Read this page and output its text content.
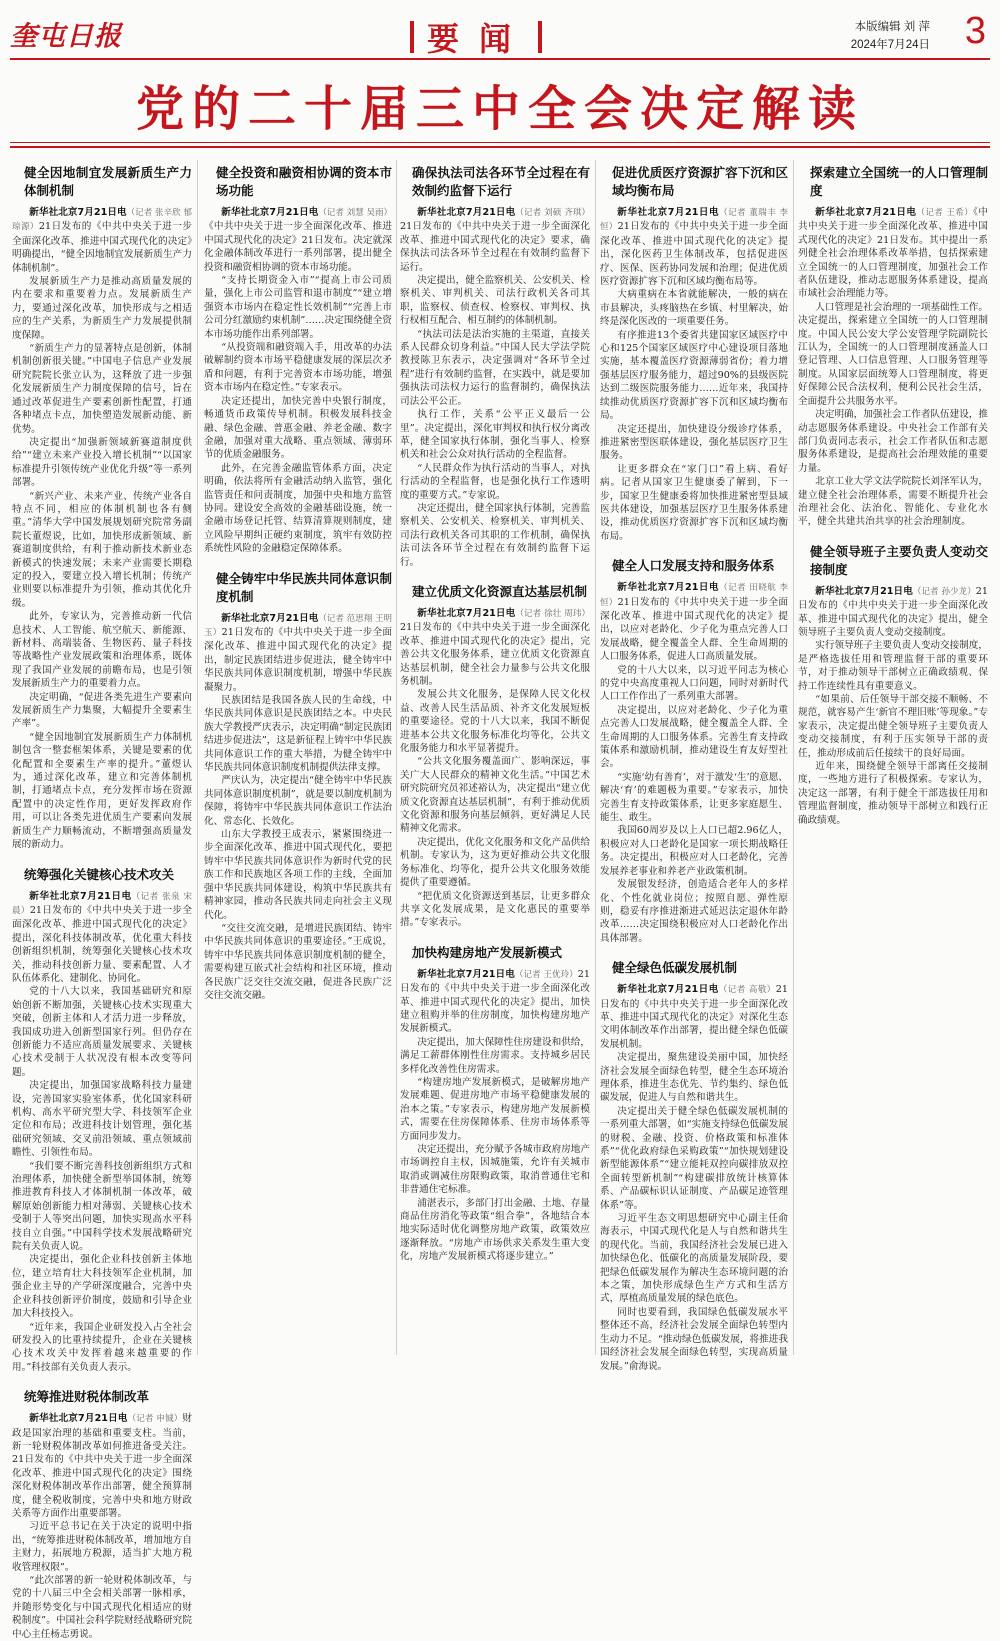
奎屯日报	要闻	本版编辑 刘 萍
2024年7月24日 3
党的二十届三中全会决定解读
健全因地制宜发展新质生产力体制机制

新华社北京7月21日电（记者 张辛欣 郁琼源）21日发布的《中共中央关于进一步全面深化改革、推进中国式现代化的决定》明确提出，“健全因地制宜发展新质生产力体制机制”。

发展新质生产力是推动高质量发展的内在要求和重要着力点。发展新质生产力，要通过深化改革，加快形成与之相适应的生产关系，为新质生产力发展提供制度保障。

“新质生产力的显著特点是创新，体制机制创新很关键。”中国电子信息产业发展研究院院长张立认为，这释放了进一步强化发展新质生产力制度保障的信号，旨在通过改革促进生产要素创新性配置，打通各种堵点卡点，加快塑造发展新动能、新优势。

决定提出“加强新领域新赛道制度供给”“建立未来产业投入增长机制”“以国家标准提升引领传统产业优化升级”等一系列部署。

“新兴产业、未来产业、传统产业各自特点不同，相应的体制机制也各有侧重。”清华大学中国发展规划研究院常务副院长董煜说，比如，加快形成新领域、新赛道制度供给，有利于推动新技术新业态新模式的快速发展；未来产业需要长期稳定的投入，要建立投入增长机制；传统产业则要以标准提升为引领，推动其优化升级。

此外，专家认为，完善推动新一代信息技术、人工智能、航空航天、新能源、新材料、高端装备、生物医药、量子科技等战略性产业发展政策和治理体系，既体现了我国产业发展的前瞻布局，也是引领发展新质生产力的重要着力点。

决定明确，“促进各类先进生产要素向发展新质生产力集聚，大幅提升全要素生产率”。

“健全因地制宜发展新质生产力体制机制包含一整套框架体系，关键是要素的优化配置和全要素生产率的提升。”董煜认为，通过深化改革，建立和完善体制机制，打通堵点卡点，充分发挥市场在资源配置中的决定性作用，更好发挥政府作用，可以让各类先进优质生产要素向发展新质生产力顺畅流动，不断增强高质量发展的新动力。

统筹强化关键核心技术攻关

新华社北京7月21日电（记者 张泉 宋晨）21日发布的《中共中央关于进一步全面深化改革、推进中国式现代化的决定》提出，深化科技体制改革，优化重大科技创新组织机制，统筹强化关键核心技术攻关，推动科技创新力量、要素配置、人才队伍体系化、建制化、协同化。

党的十八大以来，我国基础研究和原始创新不断加强，关键核心技术实现重大突破，创新主体和人才活力进一步释放，我国成功进入创新型国家行列。但仍存在创新能力不适应高质量发展要求、关键核心技术受制于人状况没有根本改变等问题。

决定提出，加强国家战略科技力量建设，完善国家实验室体系，优化国家科研机构、高水平研究型大学、科技领军企业定位和布局；改进科技计划管理，强化基础研究领域、交叉前沿领域、重点领域前瞻性、引领性布局。

“我们要不断完善科技创新组织方式和治理体系，加快健全新型举国体制，统筹推进教育科技人才体制机制一体改革，破解原始创新能力相对薄弱、关键核心技术受制于人等突出问题，加快实现高水平科技自立自强。”中国科学技术发展战略研究院有关负责人说。

决定提出，强化企业科技创新主体地位，建立培育壮大科技领军企业机制，加强企业主导的产学研深度融合，完善中央企业科技创新评价制度，鼓励和引导企业加大科技投入。

“近年来，我国企业研发投入占全社会研发投入的比重持续提升，企业在关键核心技术攻关中发挥着越来越重要的作用。”科技部有关负责人表示。

统筹推进财税体制改革

新华社北京7月21日电（记者 申铖）财政是国家治理的基础和重要支柱。当前，新一轮财税体制改革如何推进备受关注。21日发布的《中共中央关于进一步全面深化改革、推进中国式现代化的决定》围绕深化财税体制改革作出部署，健全预算制度，健全税收制度，完善中央和地方财政关系等方面作出重要部署。

习近平总书记在关于决定的说明中指出，“统筹推进财税体制改革，增加地方自主财力，拓展地方税源，适当扩大地方税收管理权限”。

“此次部署的新一轮财税体制改革，与党的十八届三中全会相关部署一脉相承，并随形势变化与中国式现代化相适应的财税制度”。中国社会科学院财经战略研究院中心主任杨志勇说。

健全投资和融资相协调的资本市场功能

新华社北京7月21日电（记者 刘慧 吴雨）《中共中央关于进一步全面深化改革、推进中国式现代化的决定》21日发布。决定就深化金融体制改革进行一系列部署，提出健全投资和融资相协调的资本市场功能。

“支持长期资金入市”“提高上市公司质量，强化上市公司监管和退市制度”“建立增强资本市场内在稳定性长效机制”“完善上市公司分红激励约束机制”……决定围绕健全资本市场功能作出系列部署。

“从投资端和融资端入手，用改革的办法破解制约资本市场平稳健康发展的深层次矛盾和问题，有利于完善资本市场功能，增强资本市场内在稳定性。”专家表示。

决定还提出，加快完善中央银行制度，畅通货币政策传导机制。积极发展科技金融、绿色金融、普惠金融、养老金融、数字金融，加强对重大战略、重点领域、薄弱环节的优质金融服务。

此外，在完善金融监管体系方面，决定明确，依法将所有金融活动纳入监管，强化监管责任和问责制度，加强中央和地方监管协同。建设安全高效的金融基础设施，统一金融市场登记托管、结算清算规则制度，建立风险早期纠正硬约束制度，筑牢有效防控系统性风险的金融稳定保障体系。

健全铸牢中华民族共同体意识制度机制

新华社北京7月21日电（记者 范思翔 王明玉）21日发布的《中共中央关于进一步全面深化改革、推进中国式现代化的决定》提出，制定民族团结进步促进法，健全铸牢中华民族共同体意识制度机制，增强中华民族凝聚力。

民族团结是我国各族人民的生命线，中华民族共同体意识是民族团结之本。中央民族大学教授严庆表示，决定明确“制定民族团结进步促进法”，这是新征程上铸牢中华民族共同体意识工作的重大举措，为健全铸牢中华民族共同体意识制度机制提供法律支撑。

严庆认为，决定提出“健全铸牢中华民族共同体意识制度机制”，就是要以制度机制为保障，将铸牢中华民族共同体意识工作法治化、常态化、长效化。

山东大学教授王成表示，紧紧围绕进一步全面深化改革、推进中国式现代化，要把铸牢中华民族共同体意识作为新时代党的民族工作和民族地区各项工作的主线，全面加强中华民族共同体建设，构筑中华民族共有精神家园，推动各民族共同走向社会主义现代化。

“交往交流交融，是增进民族团结、铸牢中华民族共同体意识的重要途径。”王成说，铸牢中华民族共同体意识制度机制的健全，需要构建互嵌式社会结构和社区环境，推动各民族广泛交往交流交融，促进各民族广泛交往交流交融。

确保执法司法各环节全过程在有效制约监督下运行

新华社北京7月21日电（记者 刘硕 齐琪）21日发布的《中共中央关于进一步全面深化改革、推进中国式现代化的决定》要求，确保执法司法各环节全过程在有效制约监督下运行。

决定提出，健全监察机关、公安机关、检察机关、审判机关、司法行政机关各司其职，监察权、侦查权、检察权、审判权、执行权相互配合、相互制约的体制机制。

“执法司法是法治实施的主渠道，直接关系人民群众切身利益。”中国人民大学法学院教授陈卫东表示，决定强调对“各环节全过程”进行有效制约监督，在实践中，就是要加强执法司法权力运行的监督制约，确保执法司法公平公正。

执行工作，关系“公平正义最后一公里”。决定提出，深化审判权和执行权分离改革，健全国家执行体制，强化当事人、检察机关和社会公众对执行活动的全程监督。

“人民群众作为执行活动的当事人，对执行活动的全程监督，也是强化执行工作透明度的重要方式。”专家说。

决定还提出，健全国家执行体制，完善监察机关、公安机关、检察机关、审判机关、司法行政机关各司其职的工作机制，确保执法司法各环节全过程在有效制约监督下运行。

建立优质文化资源直达基层机制

新华社北京7月21日电（记者 徐壮 周玮）21日发布的《中共中央关于进一步全面深化改革、推进中国式现代化的决定》提出，完善公共文化服务体系，建立优质文化资源直达基层机制，健全社会力量参与公共文化服务机制。

发展公共文化服务，是保障人民文化权益、改善人民生活品质、补齐文化发展短板的重要途径。党的十八大以来，我国不断促进基本公共文化服务标准化均等化，公共文化服务能力和水平显著提升。

“公共文化服务覆盖面广、影响深远，事关广大人民群众的精神文化生活。”中国艺术研究院研究员祁述裕认为，决定提出“建立优质文化资源直达基层机制”，有利于推动优质文化资源和服务向基层倾斜，更好满足人民精神文化需求。

决定提出，优化文化服务和文化产品供给机制。专家认为，这为更好推动公共文化服务标准化、均等化，提升公共文化服务效能提供了重要遵循。

“把优质文化资源送到基层，让更多群众共享文化发展成果，是文化惠民的重要举措。”专家表示。

加快构建房地产发展新模式

新华社北京7月21日电（记者 王优玲）21日发布的《中共中央关于进一步全面深化改革、推进中国式现代化的决定》提出，加快建立租购并举的住房制度，加快构建房地产发展新模式。

决定提出，加大保障性住房建设和供给，满足工薪群体刚性住房需求。支持城乡居民多样化改善性住房需求。

“构建房地产发展新模式，是破解房地产发展难题、促进房地产市场平稳健康发展的治本之策。”专家表示，构建房地产发展新模式，需要在住房保障体系、住房市场体系等方面同步发力。

决定还提出，充分赋予各城市政府房地产市场调控自主权，因城施策，允许有关城市取消或调减住房限购政策，取消普通住宅和非普通住宅标准。

浦湛表示，多部门打出金融、土地、存量商品住房消化等政策“组合拳”，各地结合本地实际适时优化调整房地产政策，政策效应逐渐释放。“房地产市场供求关系发生重大变化，房地产发展新模式将逐步建立。”

促进优质医疗资源扩容下沉和区域均衡布局

新华社北京7月21日电（记者 董瑞丰 李恒）21日发布的《中共中央关于进一步全面深化改革、推进中国式现代化的决定》提出，深化医药卫生体制改革，包括促进医疗、医保、医药协同发展和治理；促进优质医疗资源扩容下沉和区域均衡布局等。

大病重病在本省就能解决，一般的病在市县解决，头疼脑热在乡镇、村里解决，始终是深化医改的一项重要任务。

有序推进13个委省共建国家区域医疗中心和125个国家区域医疗中心建设项目落地实施，基本覆盖医疗资源薄弱省份；着力增强基层医疗服务能力，超过90%的县级医院达到二级医院服务能力……近年来，我国持续推动优质医疗资源扩容下沉和区域均衡布局。

决定还提出，加快建设分级诊疗体系，推进紧密型医联体建设，强化基层医疗卫生服务。

让更多群众在“家门口”看上病、看好病。记者从国家卫生健康委了解到，下一步，国家卫生健康委将加快推进紧密型县域医共体建设，加强基层医疗卫生服务体系建设，推动优质医疗资源扩容下沉和区域均衡布局。

健全人口发展支持和服务体系

新华社北京7月21日电（记者 田晓航 李恒）21日发布的《中共中央关于进一步全面深化改革、推进中国式现代化的决定》提出，以应对老龄化、少子化为重点完善人口发展战略，健全覆盖全人群、全生命周期的人口服务体系，促进人口高质量发展。

党的十八大以来，以习近平同志为核心的党中央高度重视人口问题，同时对新时代人口工作作出了一系列重大部署。

决定提出，以应对老龄化、少子化为重点完善人口发展战略，健全覆盖全人群、全生命周期的人口服务体系。完善生育支持政策体系和激励机制，推动建设生育友好型社会。

“实施‘幼有善育’，对于激发‘生’的意愿、解决‘育’的难题极为重要。”专家表示，加快完善生育支持政策体系，让更多家庭愿生、能生、敢生。

我国60周岁及以上人口已超2.96亿人，积极应对人口老龄化是国家一项长期战略任务。决定提出，积极应对人口老龄化，完善发展养老事业和养老产业政策机制。

发展银发经济，创造适合老年人的多样化、个性化就业岗位；按照自愿、弹性原则，稳妥有序推进渐进式延迟法定退休年龄改革……决定围绕积极应对人口老龄化作出具体部署。

健全绿色低碳发展机制

新华社北京7月21日电（记者 高敬）21日发布的《中共中央关于进一步全面深化改革、推进中国式现代化的决定》对深化生态文明体制改革作出部署，提出健全绿色低碳发展机制。

决定提出，聚焦建设美丽中国，加快经济社会发展全面绿色转型，健全生态环境治理体系，推进生态优先、节约集约、绿色低碳发展，促进人与自然和谐共生。

决定提出关于健全绿色低碳发展机制的一系列重大部署，如“实施支持绿色低碳发展的财税、金融、投资、价格政策和标准体系”“优化政府绿色采购政策”“加快规划建设新型能源体系”“建立能耗双控向碳排放双控全面转型新机制”“构建碳排放统计核算体系、产品碳标识认证制度、产品碳足迹管理体系”等。

习近平生态文明思想研究中心副主任俞海表示，中国式现代化是人与自然和谐共生的现代化。当前，我国经济社会发展已进入加快绿色化、低碳化的高质量发展阶段，要把绿色低碳发展作为解决生态环境问题的治本之策，加快形成绿色生产方式和生活方式，厚植高质量发展的绿色底色。

同时也要看到，我国绿色低碳发展水平整体还不高，经济社会发展全面绿色转型内生动力不足。“推动绿色低碳发展，将推进我国经济社会发展全面绿色转型，实现高质量发展。”俞海说。

探索建立全国统一的人口管理制度

新华社北京7月21日电（记者 王希）《中共中央关于进一步全面深化改革、推进中国式现代化的决定》21日发布。其中提出一系列健全社会治理体系改革举措，包括探索建立全国统一的人口管理制度，加强社会工作者队伍建设，推动志愿服务体系建设，提高市域社会治理能力等。

人口管理是社会治理的一项基础性工作。决定提出，探索建立全国统一的人口管理制度。中国人民公安大学公安管理学院副院长江认为，全国统一的人口管理制度涵盖人口登记管理、人口信息管理、人口服务管理等制度。从国家层面统筹人口管理制度，将更好保障公民合法权利，便利公民社会生活，全面提升公共服务水平。

决定明确，加强社会工作者队伍建设，推动志愿服务体系建设。中央社会工作部有关部门负责同志表示，社会工作者队伍和志愿服务体系建设，是提高社会治理效能的重要力量。

北京工业大学文法学院院长刘泽军认为，建立健全社会治理体系，需要不断提升社会治理社会化、法治化、智能化、专业化水平，健全共建共治共享的社会治理制度。

健全领导班子主要负责人变动交接制度

新华社北京7月21日电（记者 孙少龙）21日发布的《中共中央关于进一步全面深化改革、推进中国式现代化的决定》提出，健全领导班子主要负责人变动交接制度。

实行领导班子主要负责人变动交接制度，是严格选拔任用和管理监督干部的重要环节，对于推动领导干部树立正确政绩观、保持工作连续性具有重要意义。

“如果前、后任领导干部交接不顺畅、不规范，就容易产生‘新官不理旧账’等现象。”专家表示，决定提出健全领导班子主要负责人变动交接制度，有利于压实领导干部的责任，推动形成前后任接续干的良好局面。

近年来，围绕健全领导干部离任交接制度，一些地方进行了积极探索。专家认为，决定这一部署，有利于健全干部选拔任用和管理监督制度，推动领导干部树立和践行正确政绩观。
